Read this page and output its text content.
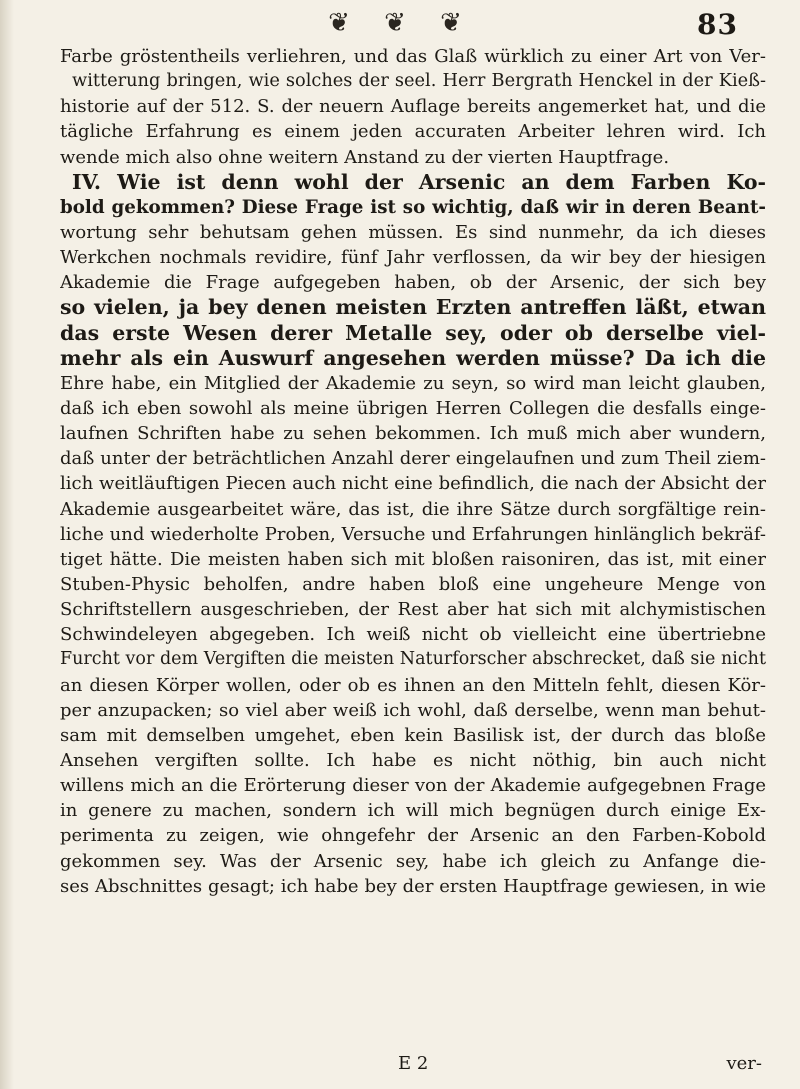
❦ ❦ ❦	83
Farbe gröstentheils verliehren, und das Glaß würklich zu einer Art von Ver-
witterung bringen, wie solches der seel. Herr Bergrath Henckel in der Kieß-
historie auf der 512. S. der neuern Auflage bereits angemerket hat, und die
tägliche Erfahrung es einem jeden accuraten Arbeiter lehren wird. Ich
wende mich also ohne weitern Anstand zu der vierten Hauptfrage.
IV. Wie ist denn wohl der Arsenic an dem Farben Ko-
bold gekommen? Diese Frage ist so wichtig, daß wir in deren Beant-
wortung sehr behutsam gehen müssen. Es sind nunmehr, da ich dieses
Werkchen nochmals revidire, fünf Jahr verflossen, da wir bey der hiesigen
Akademie die Frage aufgegeben haben, ob der Arsenic, der sich bey
so vielen, ja bey denen meisten Erzten antreffen läßt, etwan
das erste Wesen derer Metalle sey, oder ob derselbe viel-
mehr als ein Auswurf angesehen werden müsse? Da ich die
Ehre habe, ein Mitglied der Akademie zu seyn, so wird man leicht glauben,
daß ich eben sowohl als meine übrigen Herren Collegen die desfalls einge-
laufnen Schriften habe zu sehen bekommen. Ich muß mich aber wundern,
daß unter der beträchtlichen Anzahl derer eingelaufnen und zum Theil ziem-
lich weitläuftigen Piecen auch nicht eine befindlich, die nach der Absicht der
Akademie ausgearbeitet wäre, das ist, die ihre Sätze durch sorgfältige rein-
liche und wiederholte Proben, Versuche und Erfahrungen hinlänglich bekräf-
tiget hätte. Die meisten haben sich mit bloßen raisoniren, das ist, mit einer
Stuben-Physic beholfen, andre haben bloß eine ungeheure Menge von
Schriftstellern ausgeschrieben, der Rest aber hat sich mit alchymistischen
Schwindeleyen abgegeben. Ich weiß nicht ob vielleicht eine übertriebne
Furcht vor dem Vergiften die meisten Naturforscher abschrecket, daß sie nicht
an diesen Körper wollen, oder ob es ihnen an den Mitteln fehlt, diesen Kör-
per anzupacken; so viel aber weiß ich wohl, daß derselbe, wenn man behut-
sam mit demselben umgehet, eben kein Basilisk ist, der durch das bloße
Ansehen vergiften sollte. Ich habe es nicht nöthig, bin auch nicht
willens mich an die Erörterung dieser von der Akademie aufgegebnen Frage
in genere zu machen, sondern ich will mich begnügen durch einige Ex-
perimenta zu zeigen, wie ohngefehr der Arsenic an den Farben-Kobold
gekommen sey. Was der Arsenic sey, habe ich gleich zu Anfange die-
ses Abschnittes gesagt; ich habe bey der ersten Hauptfrage gewiesen, in wie
E 2	ver-
